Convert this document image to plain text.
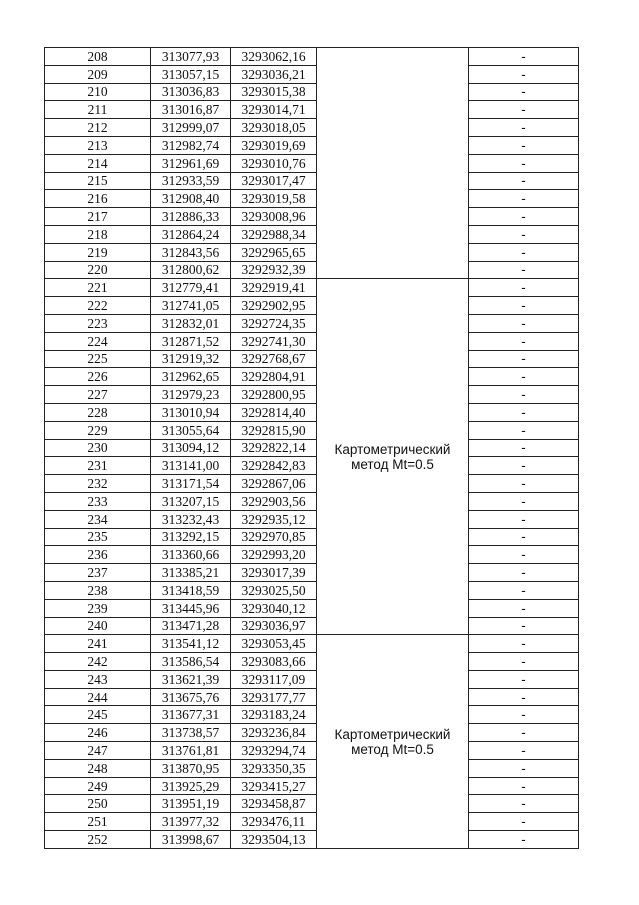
208	313077,93	3293062,16		-
209	313057,15	3293036,21		-
210	313036,83	3293015,38		-
211	313016,87	3293014,71		-
212	312999,07	3293018,05		-
213	312982,74	3293019,69		-
214	312961,69	3293010,76		-
215	312933,59	3293017,47		-
216	312908,40	3293019,58		-
217	312886,33	3293008,96		-
218	312864,24	3292988,34		-
219	312843,56	3292965,65		-
220	312800,62	3292932,39		-
221	312779,41	3292919,41	Картометрический
метод Mt=0.5	-
222	312741,05	3292902,95		-
223	312832,01	3292724,35		-
224	312871,52	3292741,30		-
225	312919,32	3292768,67		-
226	312962,65	3292804,91		-
227	312979,23	3292800,95		-
228	313010,94	3292814,40		-
229	313055,64	3292815,90		-
230	313094,12	3292822,14		-
231	313141,00	3292842,83		-
232	313171,54	3292867,06		-
233	313207,15	3292903,56		-
234	313232,43	3292935,12		-
235	313292,15	3292970,85		-
236	313360,66	3292993,20		-
237	313385,21	3293017,39		-
238	313418,59	3293025,50		-
239	313445,96	3293040,12		-
240	313471,28	3293036,97		-
241	313541,12	3293053,45	Картометрический
метод Mt=0.5	-
242	313586,54	3293083,66		-
243	313621,39	3293117,09		-
244	313675,76	3293177,77		-
245	313677,31	3293183,24		-
246	313738,57	3293236,84		-
247	313761,81	3293294,74		-
248	313870,95	3293350,35		-
249	313925,29	3293415,27		-
250	313951,19	3293458,87		-
251	313977,32	3293476,11		-
252	313998,67	3293504,13		-
